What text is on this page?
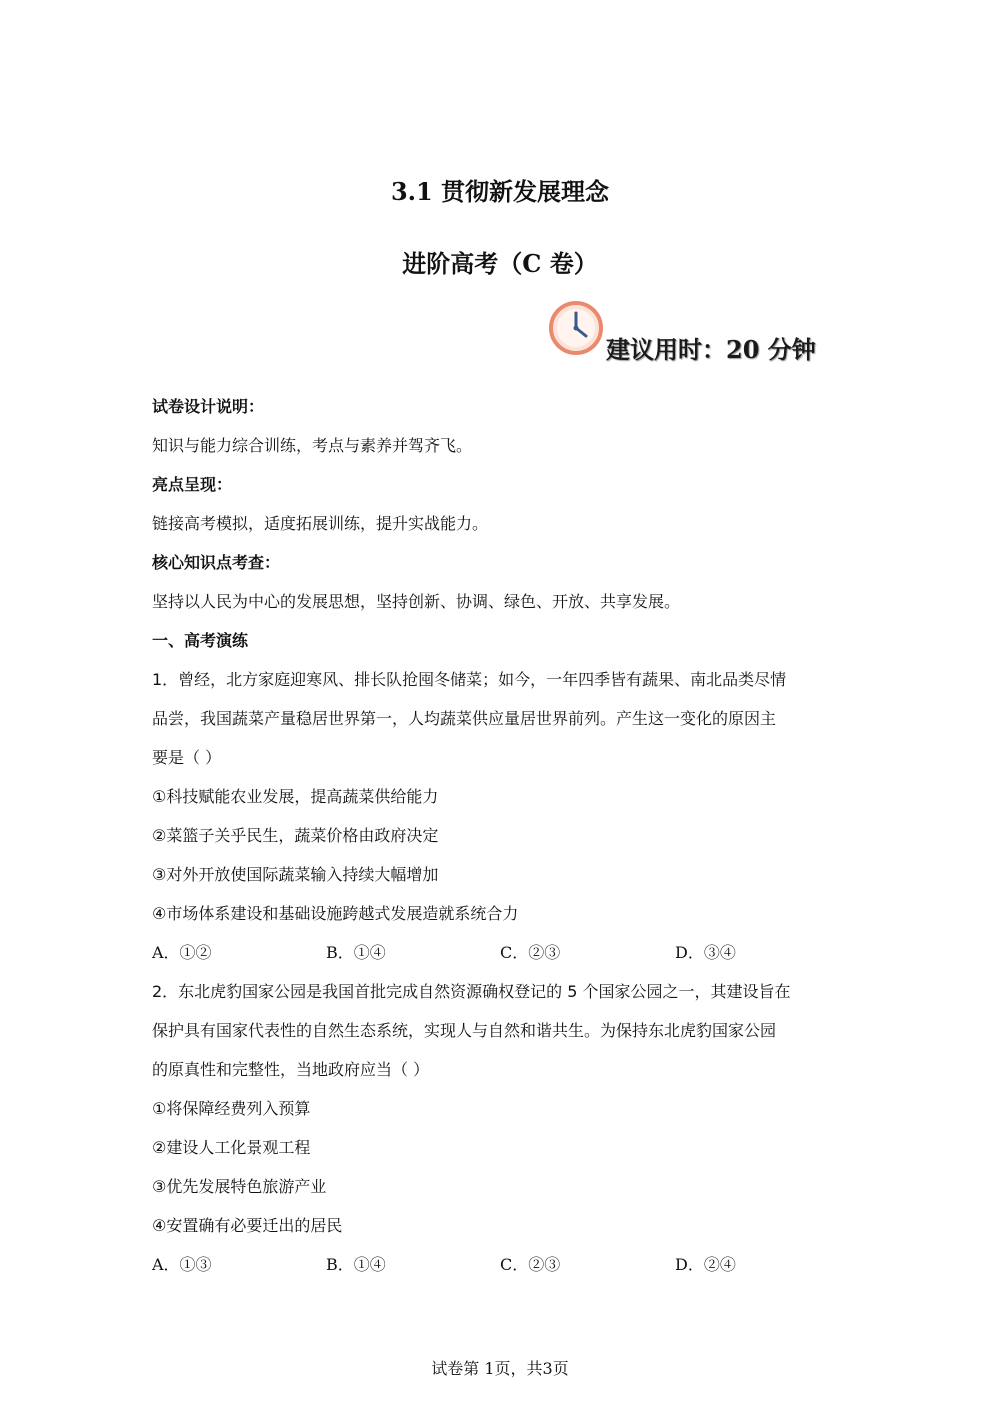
3.1 贯彻新发展理念
进阶高考（C 卷）
建议用时：20 分钟
试卷设计说明：
知识与能力综合训练，考点与素养并驾齐飞。
亮点呈现：
链接高考模拟，适度拓展训练，提升实战能力。
核心知识点考查：
坚持以人民为中心的发展思想，坚持创新、协调、绿色、开放、共享发展。
一、高考演练
1．曾经，北方家庭迎寒风、排长队抢囤冬储菜；如今，一年四季皆有蔬果、南北品类尽情
品尝，我国蔬菜产量稳居世界第一，人均蔬菜供应量居世界前列。产生这一变化的原因主
要是（ ）
①科技赋能农业发展，提高蔬菜供给能力
②菜篮子关乎民生，蔬菜价格由政府决定
③对外开放使国际蔬菜输入持续大幅增加
④市场体系建设和基础设施跨越式发展造就系统合力
A．①②	B．①④	C．②③	D．③④
2．东北虎豹国家公园是我国首批完成自然资源确权登记的 5 个国家公园之一，其建设旨在
保护具有国家代表性的自然生态系统，实现人与自然和谐共生。为保持东北虎豹国家公园
的原真性和完整性，当地政府应当（ ）
①将保障经费列入预算
②建设人工化景观工程
③优先发展特色旅游产业
④安置确有必要迁出的居民
A．①③	B．①④	C．②③	D．②④
试卷第 1页，共3页
